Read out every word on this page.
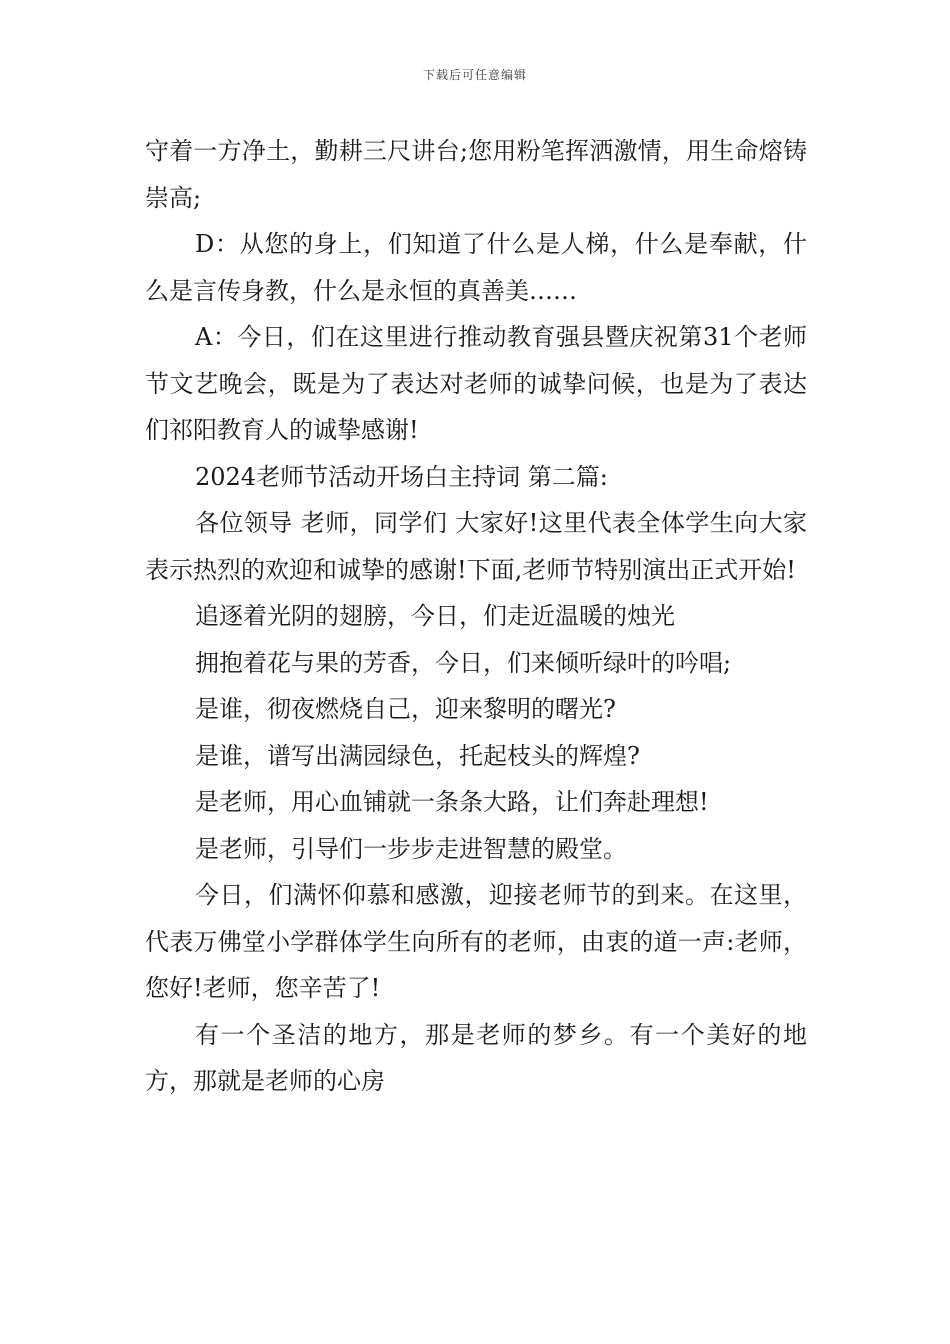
下载后可任意编辑

守着一方净土，勤耕三尺讲台;您用粉笔挥洒激情，用生命熔铸崇高;

D：从您的身上，们知道了什么是人梯，什么是奉献，什么是言传身教，什么是永恒的真善美……

A：今日，们在这里进行推动教育强县暨庆祝第31个老师节文艺晚会，既是为了表达对老师的诚挚问候，也是为了表达们祁阳教育人的诚挚感谢!

2024老师节活动开场白主持词 第二篇:

各位领导 老师，同学们 大家好!这里代表全体学生向大家表示热烈的欢迎和诚挚的感谢!下面,老师节特别演出正式开始!

追逐着光阴的翅膀，今日，们走近温暖的烛光

拥抱着花与果的芳香，今日，们来倾听绿叶的吟唱;

是谁，彻夜燃烧自己，迎来黎明的曙光?

是谁，谱写出满园绿色，托起枝头的辉煌?

是老师，用心血铺就一条条大路，让们奔赴理想!

是老师，引导们一步步走进智慧的殿堂。

今日，们满怀仰慕和感激，迎接老师节的到来。在这里，代表万佛堂小学群体学生向所有的老师，由衷的道一声:老师，您好!老师，您辛苦了!

有一个圣洁的地方，那是老师的梦乡。有一个美好的地方，那就是老师的心房
